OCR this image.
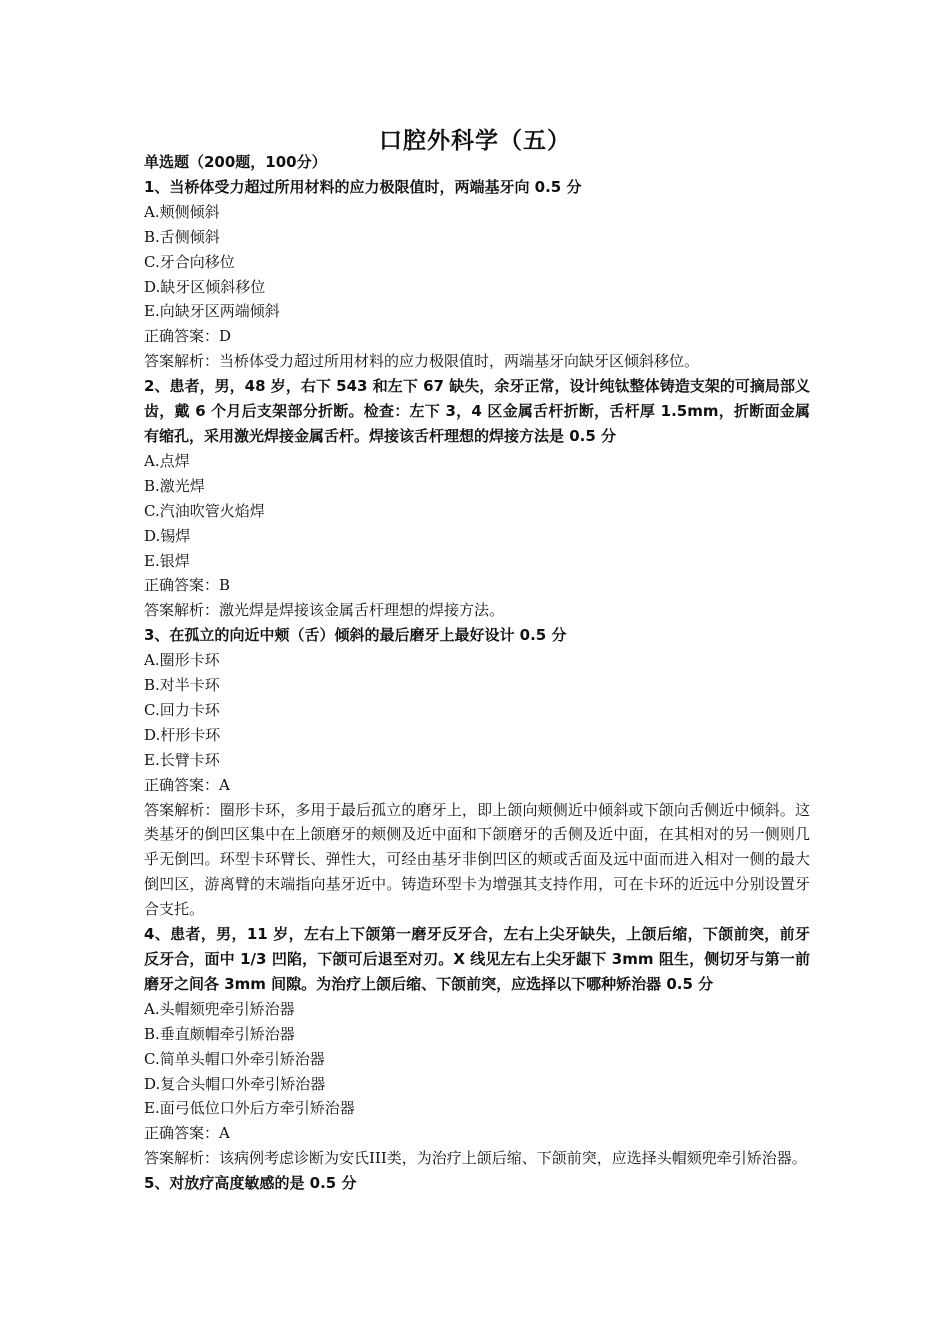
口腔外科学（五）
单选题（200题，100分）
1、当桥体受力超过所用材料的应力极限值时，两端基牙向 0.5 分
A.颊侧倾斜
B.舌侧倾斜
C.牙合向移位
D.缺牙区倾斜移位
E.向缺牙区两端倾斜
正确答案：D
答案解析：当桥体受力超过所用材料的应力极限值时，两端基牙向缺牙区倾斜移位。
2、患者，男，48 岁，右下 543 和左下 67 缺失，余牙正常，设计纯钛整体铸造支架的可摘局部义齿，戴 6 个月后支架部分折断。检查：左下 3，4 区金属舌杆折断，舌杆厚 1.5mm，折断面金属有缩孔，采用激光焊接金属舌杆。焊接该舌杆理想的焊接方法是 0.5 分
A.点焊
B.激光焊
C.汽油吹管火焰焊
D.锡焊
E.银焊
正确答案：B
答案解析：激光焊是焊接该金属舌杆理想的焊接方法。
3、在孤立的向近中颊（舌）倾斜的最后磨牙上最好设计 0.5 分
A.圈形卡环
B.对半卡环
C.回力卡环
D.杆形卡环
E.长臂卡环
正确答案：A
答案解析：圈形卡环，多用于最后孤立的磨牙上，即上颌向颊侧近中倾斜或下颌向舌侧近中倾斜。这类基牙的倒凹区集中在上颌磨牙的颊侧及近中面和下颌磨牙的舌侧及近中面，在其相对的另一侧则几乎无倒凹。环型卡环臂长、弹性大，可经由基牙非倒凹区的颊或舌面及远中面而进入相对一侧的最大倒凹区，游离臂的末端指向基牙近中。铸造环型卡为增强其支持作用，可在卡环的近远中分别设置牙合支托。
4、患者，男，11 岁，左右上下颌第一磨牙反牙合，左右上尖牙缺失，上颌后缩，下颌前突，前牙反牙合，面中 1/3 凹陷，下颌可后退至对刃。X 线见左右上尖牙龈下 3mm 阻生，侧切牙与第一前磨牙之间各 3mm 间隙。为治疗上颌后缩、下颌前突，应选择以下哪种矫治器 0.5 分
A.头帽颏兜牵引矫治器
B.垂直颇帽牵引矫治器
C.简单头帽口外牵引矫治器
D.复合头帽口外牵引矫治器
E.面弓低位口外后方牵引矫治器
正确答案：A
答案解析：该病例考虑诊断为安氏III类，为治疗上颌后缩、下颌前突，应选择头帽颏兜牵引矫治器。
5、对放疗高度敏感的是 0.5 分
